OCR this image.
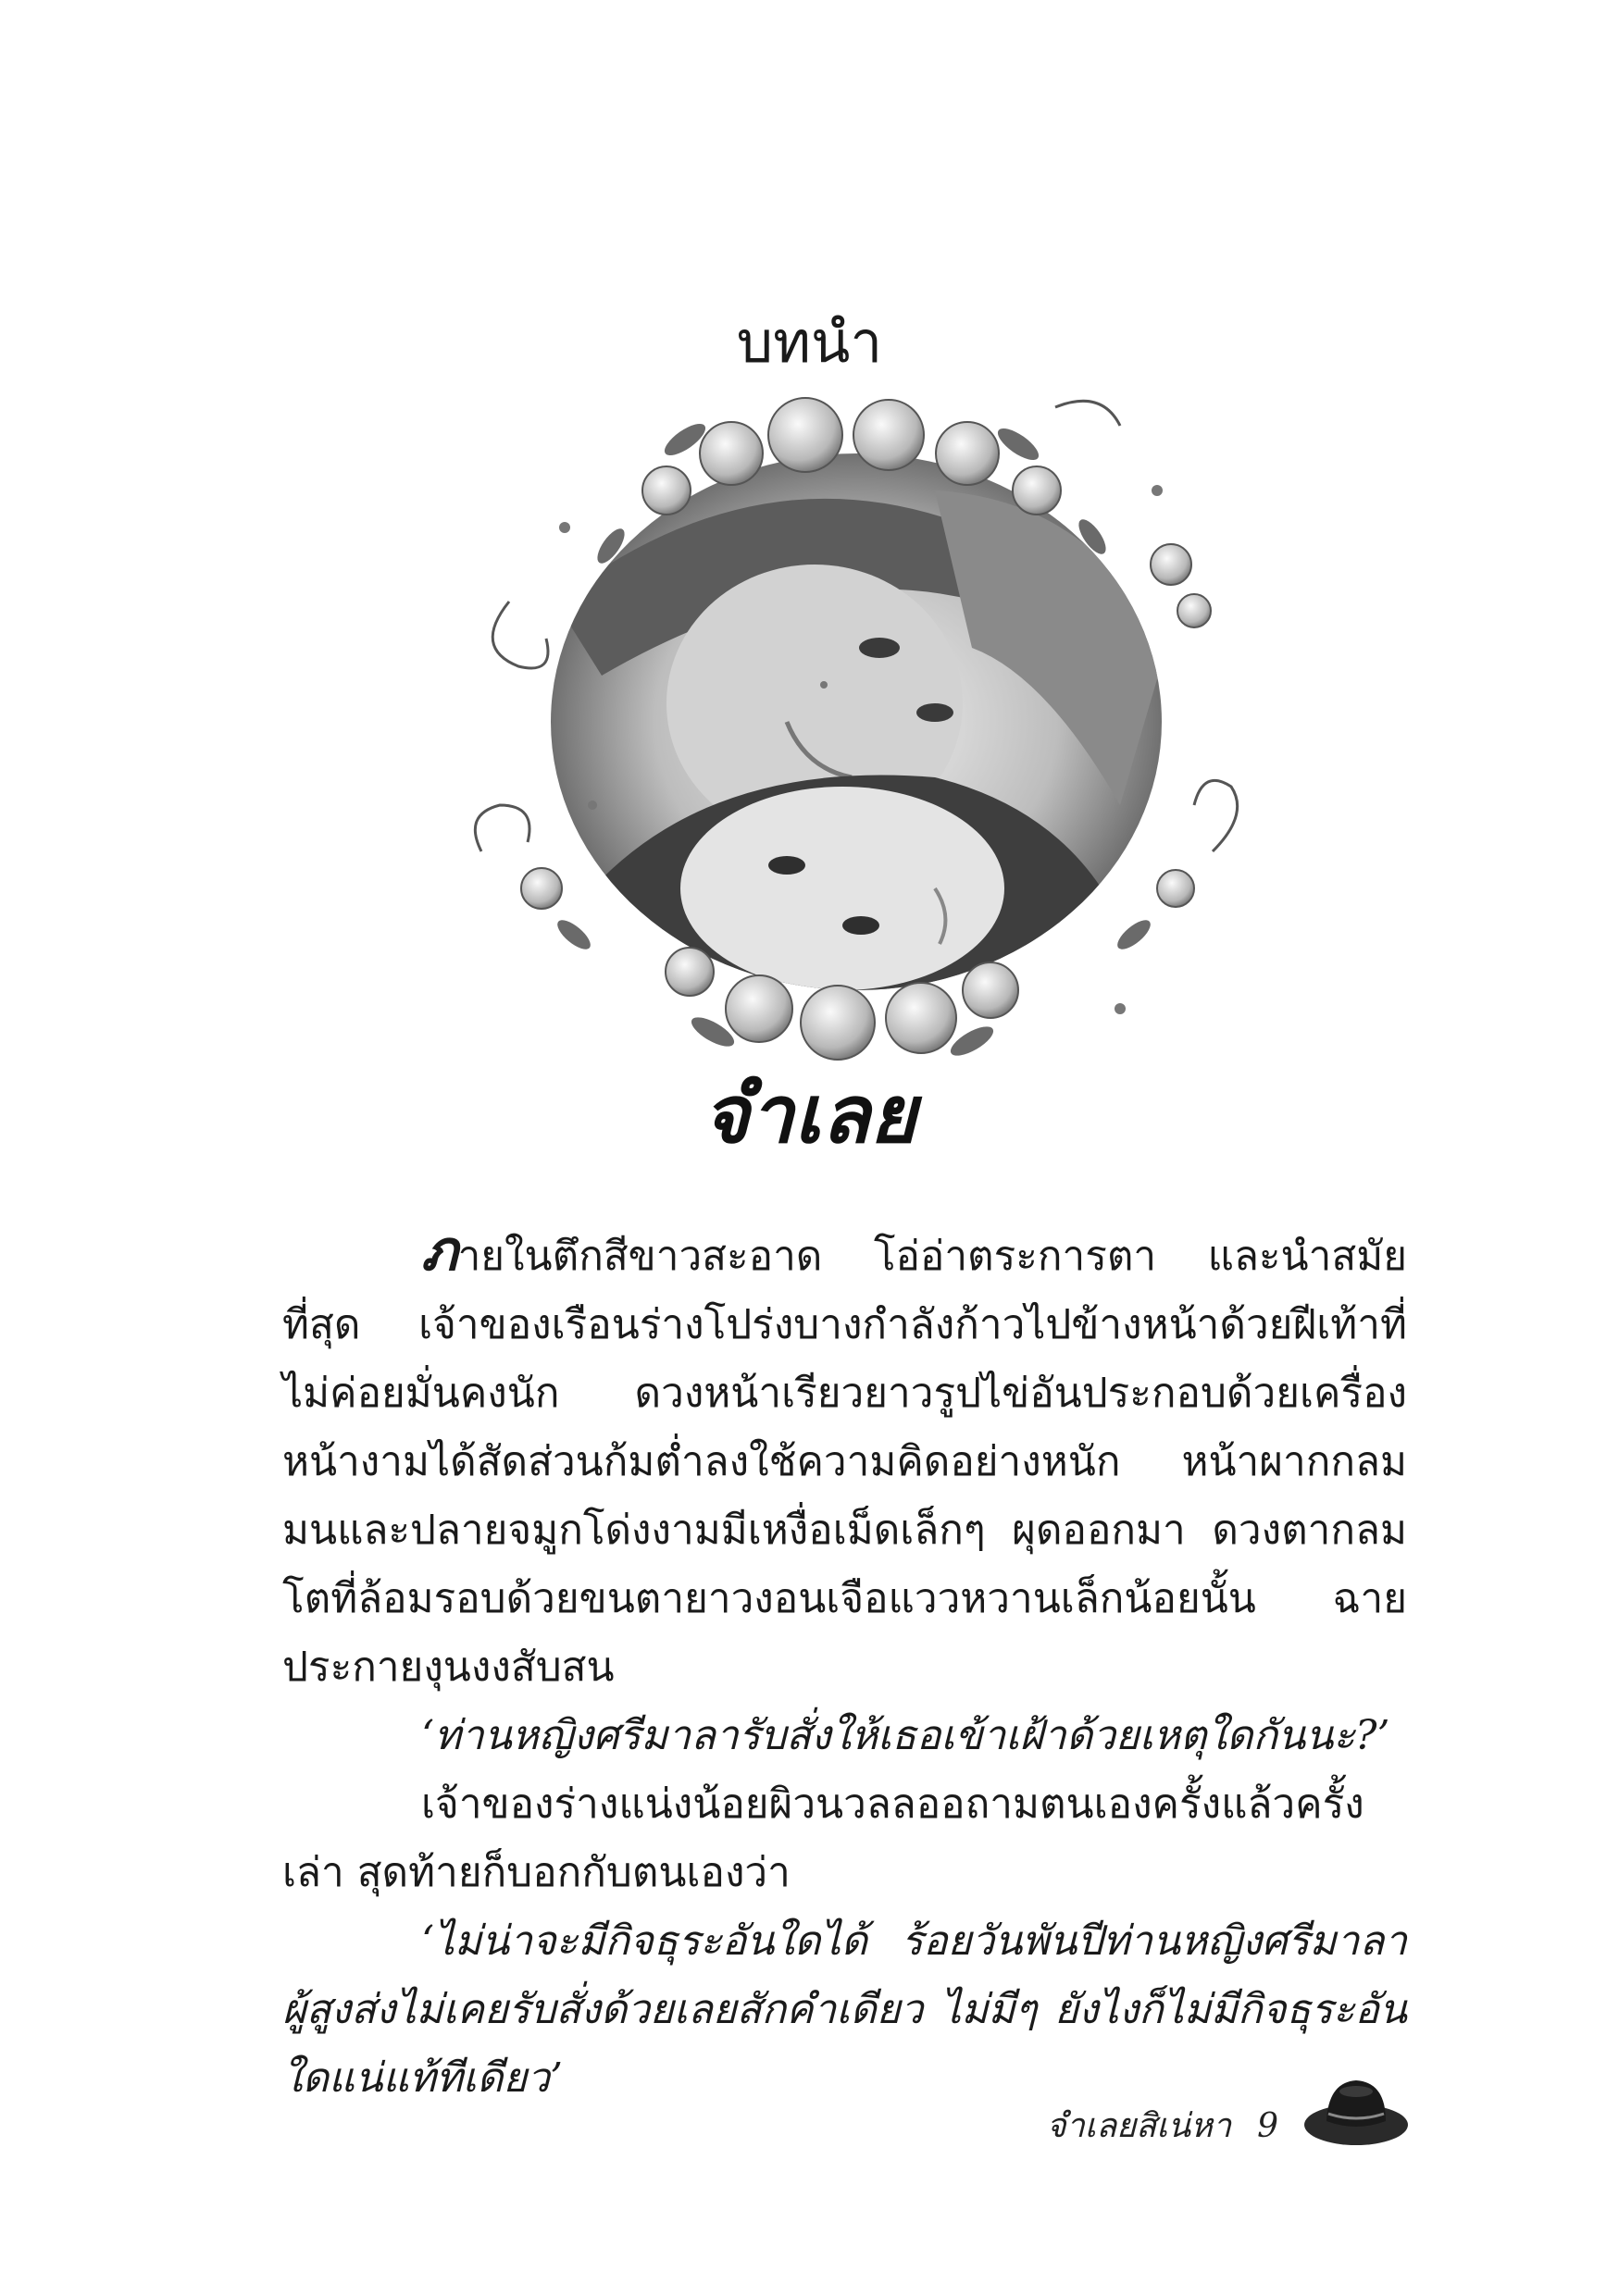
บทนำ
จำเลย

ภายในตึกสีขาวสะอาด โอ่อ่าตระการตา และนำสมัยที่สุด เจ้าของเรือนร่างโปร่งบางกำลังก้าวไปข้างหน้าด้วยฝีเท้าที่ไม่ค่อยมั่นคงนัก ดวงหน้าเรียวยาวรูปไข่อันประกอบด้วยเครื่องหน้างามได้สัดส่วนก้มต่ำลงใช้ความคิดอย่างหนัก หน้าผากกลมมนและปลายจมูกโด่งงามมีเหงื่อเม็ดเล็กๆ ผุดออกมา ดวงตากลมโตที่ล้อมรอบด้วยขนตายาวงอนเจือแววหวานเล็กน้อยนั้น ฉายประกายงุนงงสับสน

‘ท่านหญิงศรีมาลารับสั่งให้เธอเข้าเฝ้าด้วยเหตุใดกันนะ?’

เจ้าของร่างแน่งน้อยผิวนวลลออถามตนเองครั้งแล้วครั้งเล่า สุดท้ายก็บอกกับตนเองว่า

‘ไม่น่าจะมีกิจธุระอันใดได้ ร้อยวันพันปีท่านหญิงศรีมาลาผู้สูงส่งไม่เคยรับสั่งด้วยเลยสักคำเดียว ไม่มีๆ ยังไงก็ไม่มีกิจธุระอันใดแน่แท้ทีเดียว’

จำเลยสิเน่หา 9
